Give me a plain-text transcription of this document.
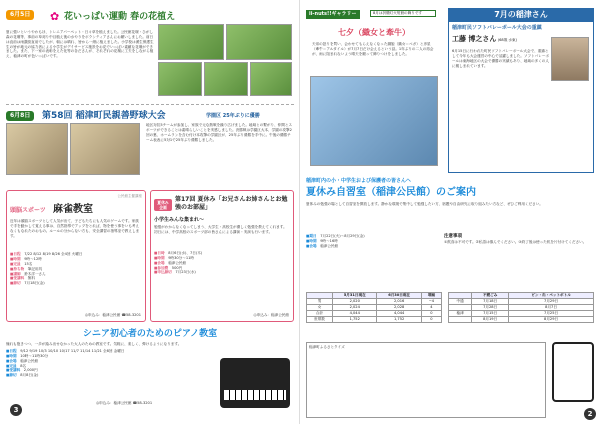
6月5日	✿ 花いっぱい運動 春の花植え
夏に強いというやわもほ、トレニアパーペット・日々草を植えました。公民館花壇・ひがし森の花壇等、事前の草刈り中目植え後の水やりをボランティアさんにお願いしました。前日は直前は雨激励直前でしたが、朝には晴れ、皆から一緒に植えました。小学校は湧生保護生生の皆が地元の協力者による小学生がデイサービス施設をお花でいっぱい素敵な花壇ができました。また、下一家の表彰をえた化等の各ださんが、それぞれの花壇に工夫をしながら植え、稲津の町が色いっぱいです。
6月8日	第58回 稲津町民親善野球大会	学園区 25年ぶりに優勝
地区対抗5チームが参加し、家族で元な熱戦を繰り広げました。地域との繋がり、仲間とスポーツができることは素晴らしいことを実感しました。決勝戦は学園区大本、学園の攻撃2回の裏、ホームランを含む付け本攻撃の学園区が、25年ぶり優勝を手中に。午後の優勝チーム表表に5対1で25年ぶり優勝しました。
公民館主催講座
頭脳スポーツ 麻雀教室
近年は頭脳スポーツとして人気が出て、子どもたちにも人気のゲームです。家族で手を動かして覚える事は、自然指導でアップをとれば、物を使う事をいも考えなくもなれたのおもの。ルールの分からない方も、安全講習の指導室で教えします。
■日程　7/22 8/12 8/19 8/26 全4回 火曜日
■時間　9時〜12時
■定員　15名
■持ち物　筆記用具
■講師　鈴木洋一さん
■受講料　無料
■締切　7月18日(金)
◎申込み：稲津公民館 ☎58-3201
夏休み企画
第17回 夏休み「お兄さんお姉さんとお勉強のお部屋」
小学生みんな集まれ〜
勉強がわからなくなってしまう、大学生・高校生が優しく勉強を教えてくれます。初日には、中学高校のスポーツ部の皆さんによる講演・実演も行います。
■日時　8月6日(水)、7日(木)
■時間　9時30分〜11時
■会場　稲津公民館
■参加費　500円
■申込締切　7月23日(水)
◎申込み：稲津公民館
シニア初心者のためのピアノ教室
憧れも抱きつつ、一歩が踏み出せなかった大人のための教室です。気軽に、楽しく、弾けるようになります。
■日程　9/12 9/19 10/3 10/10 10/17 11/7 11/14 11/21 全8回 金曜日
■時間　10時〜11時30分
■会場　稲津公民館
■定員　8名
■受講料　2,000円
■締切　8月8日(金)
◎申込み：稲津公民館 ☎58-3201
3
ii-nuts!!ギャラリー	8月は折鶴灯火短冊の飾りです
七夕（織女と牽牛）
天帝の怒りを買い、会わせてもらえなくなった織姫（織女＝ベガ）と彦星（牽牛＝アルタイル）が7月7日だけ会えるという話。1年ぶりの二人の再会が、雨に阻まれないよう晴天を願って飾りつけをしました。
7月の稲津さん
稲津町民ソフトバレーボール大会の重鎮
工藤 博之さん (68歳 水東)
6月15日に行われた町民ソフトバレーボール大会で、重鎮として今年も大会運営の中心で活躍しました。ソフトバレーボールは東海地区の大会で優勝の実績もあり、地域の多くの人に親しまれています。
稲津町内の小・中学生および保護者の皆さんへ
夏休み自習室（稲津公民館）のご案内
夏休みの勉強の場として自習室を開放します。静かな環境で集中して勉強したい方、宿題や自由研究に取り組みたい方など、ぜひご利用ください。
■期日　7月22日(火)〜8月29日(金)
■時間　9時〜16時
■会場　稲津公民館
注意事項
①飲食は不可です。②私語は慎んでください。③終了後は使った机を片付けてください。
	5月31日現在	6月30日現在	増減
男	2,020	2,016	−4
女	2,024	2,028	4
合計	4,044	4,044	0
世帯数	1,752	1,752	0
	不燃ごみ	ビン・缶・ペットボトル
中通	7月18日	7月29日
	7月28日	8月7日
稲津	7月15日	7月25日
	8月19日	8月29日
稲津町ふるさとクイズ
2
